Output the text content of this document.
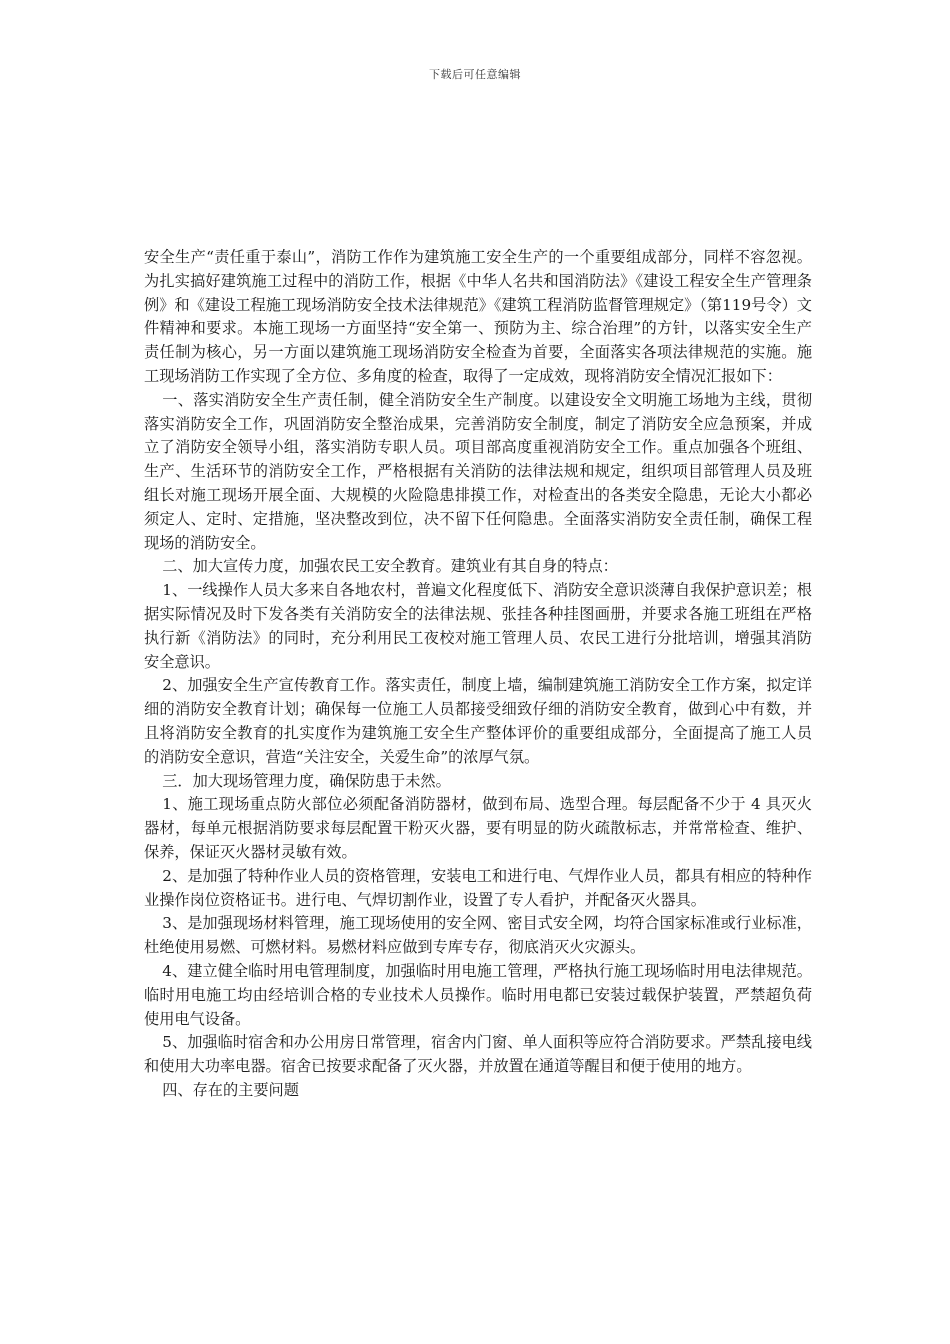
下载后可任意编辑

安全生产“责任重于泰山”，消防工作作为建筑施工安全生产的一个重要组成部分，同样不容忽视。为扎实搞好建筑施工过程中的消防工作，根据《中华人名共和国消防法》《建设工程安全生产管理条例》和《建设工程施工现场消防安全技术法律规范》《建筑工程消防监督管理规定》（第119号令）文件精神和要求。本施工现场一方面坚持“安全第一、预防为主、综合治理”的方针，以落实安全生产责任制为核心，另一方面以建筑施工现场消防安全检查为首要，全面落实各项法律规范的实施。施工现场消防工作实现了全方位、多角度的检查，取得了一定成效，现将消防安全情况汇报如下：

一、落实消防安全生产责任制，健全消防安全生产制度。以建设安全文明施工场地为主线，贯彻落实消防安全工作，巩固消防安全整治成果，完善消防安全制度，制定了消防安全应急预案，并成立了消防安全领导小组，落实消防专职人员。项目部高度重视消防安全工作。重点加强各个班组、生产、生活环节的消防安全工作，严格根据有关消防的法律法规和规定，组织项目部管理人员及班组长对施工现场开展全面、大规模的火险隐患排摸工作，对检查出的各类安全隐患，无论大小都必须定人、定时、定措施，坚决整改到位，决不留下任何隐患。全面落实消防安全责任制，确保工程现场的消防安全。

二、加大宣传力度，加强农民工安全教育。建筑业有其自身的特点：

1、一线操作人员大多来自各地农村，普遍文化程度低下、消防安全意识淡薄自我保护意识差；根据实际情况及时下发各类有关消防安全的法律法规、张挂各种挂图画册，并要求各施工班组在严格执行新《消防法》的同时，充分利用民工夜校对施工管理人员、农民工进行分批培训，增强其消防安全意识。

2、加强安全生产宣传教育工作。落实责任，制度上墙，编制建筑施工消防安全工作方案，拟定详细的消防安全教育计划；确保每一位施工人员都接受细致仔细的消防安全教育，做到心中有数，并且将消防安全教育的扎实度作为建筑施工安全生产整体评价的重要组成部分，全面提高了施工人员的消防安全意识，营造“关注安全，关爱生命”的浓厚气氛。

三．加大现场管理力度，确保防患于未然。

1、施工现场重点防火部位必须配备消防器材，做到布局、选型合理。每层配备不少于 4 具灭火器材，每单元根据消防要求每层配置干粉灭火器，要有明显的防火疏散标志，并常常检查、维护、保养，保证灭火器材灵敏有效。

2、是加强了特种作业人员的资格管理，安装电工和进行电、气焊作业人员，都具有相应的特种作业操作岗位资格证书。进行电、气焊切割作业，设置了专人看护，并配备灭火器具。

3、是加强现场材料管理，施工现场使用的安全网、密目式安全网，均符合国家标准或行业标准，杜绝使用易燃、可燃材料。易燃材料应做到专库专存，彻底消灭火灾源头。

4、建立健全临时用电管理制度，加强临时用电施工管理，严格执行施工现场临时用电法律规范。临时用电施工均由经培训合格的专业技术人员操作。临时用电都已安装过载保护装置，严禁超负荷使用电气设备。

5、加强临时宿舍和办公用房日常管理，宿舍内门窗、单人面积等应符合消防要求。严禁乱接电线和使用大功率电器。宿舍已按要求配备了灭火器，并放置在通道等醒目和便于使用的地方。

四、存在的主要问题
